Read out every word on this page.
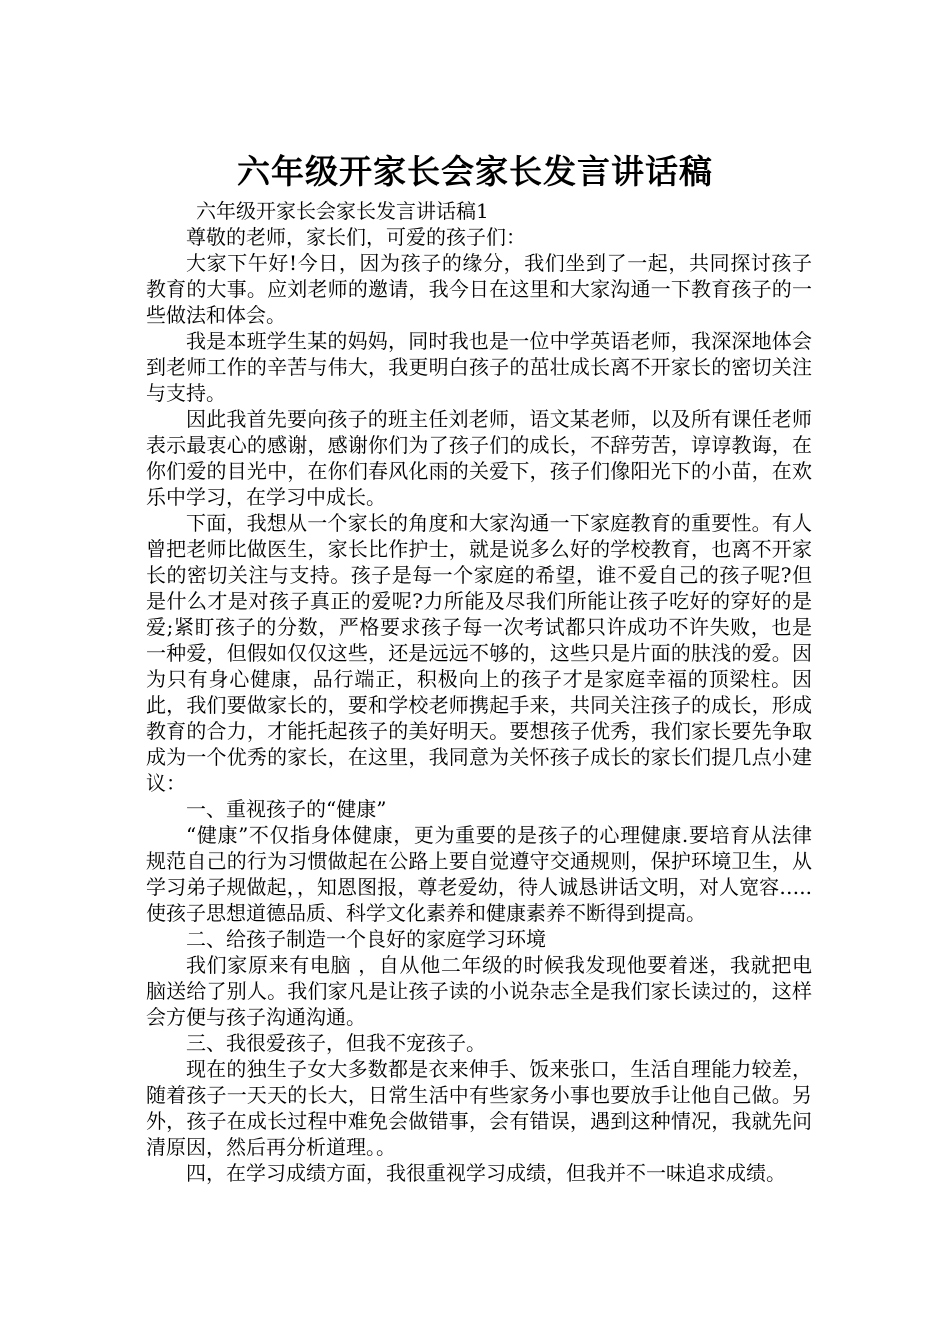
六年级开家长会家长发言讲话稿

六年级开家长会家长发言讲话稿1

尊敬的老师，家长们，可爱的孩子们：

大家下午好!今日，因为孩子的缘分，我们坐到了一起，共同探讨孩子教育的大事。应刘老师的邀请，我今日在这里和大家沟通一下教育孩子的一些做法和体会。

我是本班学生某的妈妈，同时我也是一位中学英语老师，我深深地体会到老师工作的辛苦与伟大，我更明白孩子的茁壮成长离不开家长的密切关注与支持。

因此我首先要向孩子的班主任刘老师，语文某老师，以及所有课任老师表示最衷心的感谢，感谢你们为了孩子们的成长，不辞劳苦，谆谆教诲，在你们爱的目光中，在你们春风化雨的关爱下，孩子们像阳光下的小苗，在欢乐中学习，在学习中成长。

下面，我想从一个家长的角度和大家沟通一下家庭教育的重要性。有人曾把老师比做医生，家长比作护士，就是说多么好的学校教育，也离不开家长的密切关注与支持。孩子是每一个家庭的希望，谁不爱自己的孩子呢?但是什么才是对孩子真正的爱呢?力所能及尽我们所能让孩子吃好的穿好的是爱;紧盯孩子的分数，严格要求孩子每一次考试都只许成功不许失败，也是一种爱，但假如仅仅这些，还是远远不够的，这些只是片面的肤浅的爱。因为只有身心健康，品行端正，积极向上的孩子才是家庭幸福的顶梁柱。因此，我们要做家长的，要和学校老师携起手来，共同关注孩子的成长，形成教育的合力，才能托起孩子的美好明天。要想孩子优秀，我们家长要先争取成为一个优秀的家长，在这里，我同意为关怀孩子成长的家长们提几点小建议：

一、重视孩子的“健康”

“健康”不仅指身体健康，更为重要的是孩子的心理健康.要培育从法律规范自己的行为习惯做起在公路上要自觉遵守交通规则，保护环境卫生，从学习弟子规做起，，知恩图报，尊老爱幼，待人诚恳讲话文明，对人宽容…..使孩子思想道德品质、科学文化素养和健康素养不断得到提高。

二、给孩子制造一个良好的家庭学习环境

我们家原来有电脑 ，自从他二年级的时候我发现他要着迷，我就把电脑送给了别人。我们家凡是让孩子读的小说杂志全是我们家长读过的，这样会方便与孩子沟通沟通。

三、我很爱孩子，但我不宠孩子。

现在的独生子女大多数都是衣来伸手、饭来张口，生活自理能力较差，随着孩子一天天的长大，日常生活中有些家务小事也要放手让他自己做。另外，孩子在成长过程中难免会做错事，会有错误，遇到这种情况，我就先问清原因，然后再分析道理。。

四，在学习成绩方面，我很重视学习成绩，但我并不一味追求成绩。
